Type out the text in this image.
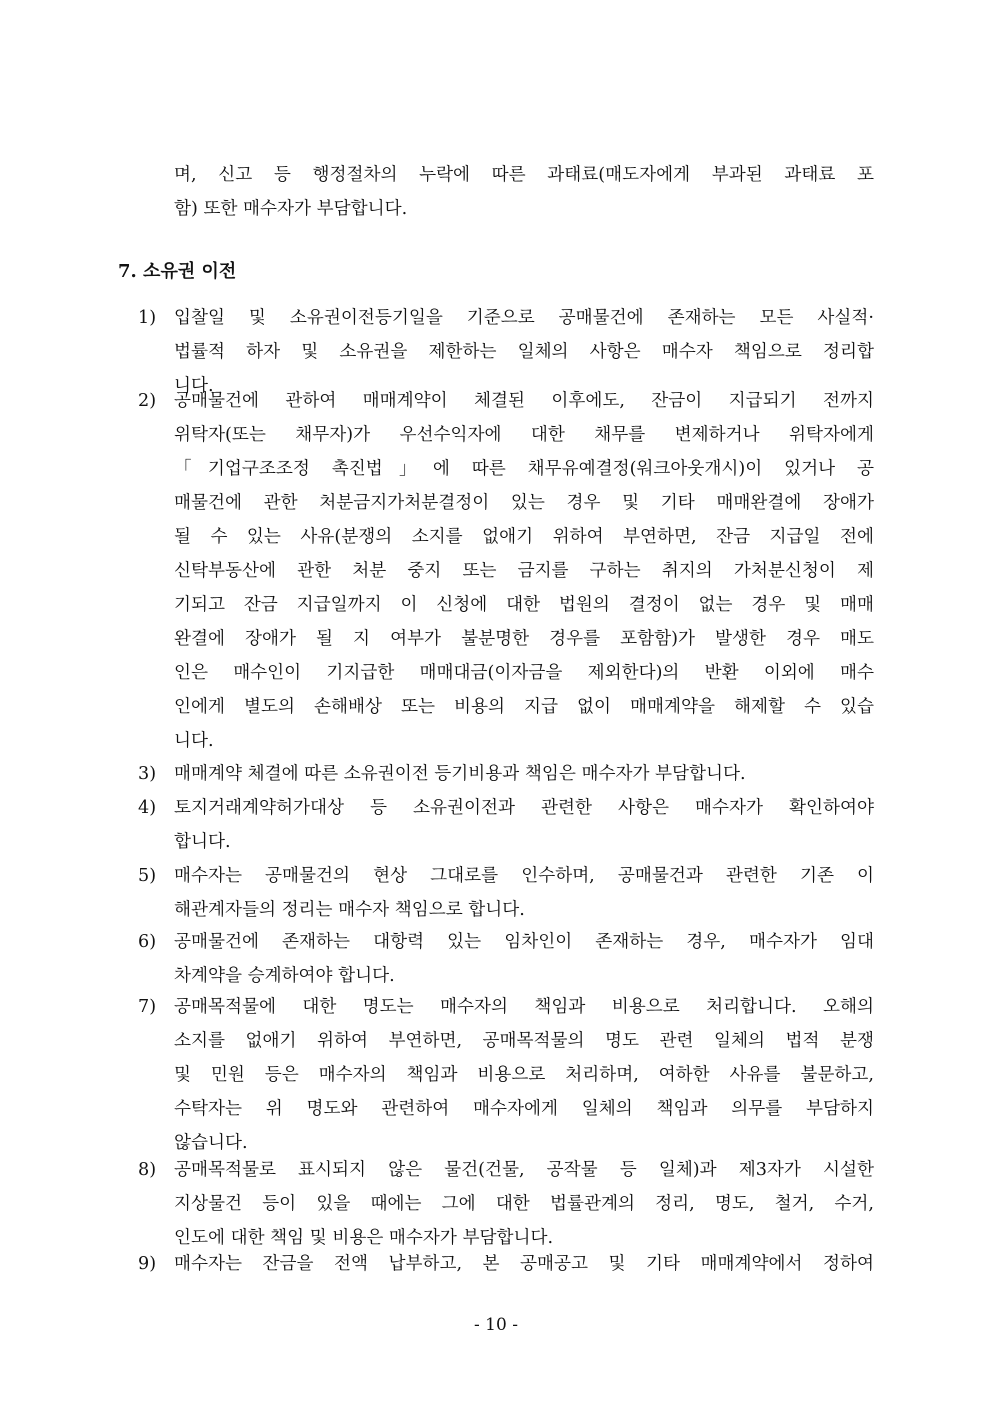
며, 신고 등 행정절차의 누락에 따른 과태료(매도자에게 부과된 과태료 포
함) 또한 매수자가 부담합니다.
7. 소유권 이전
1) 입찰일 및 소유권이전등기일을 기준으로 공매물건에 존재하는 모든 사실적·
법률적 하자 및 소유권을 제한하는 일체의 사항은 매수자 책임으로 정리합
니다.
2) 공매물건에 관하여 매매계약이 체결된 이후에도, 잔금이 지급되기 전까지
위탁자(또는 채무자)가 우선수익자에 대한 채무를 변제하거나 위탁자에게
「기업구조조정 촉진법」에 따른 채무유예결정(워크아웃개시)이 있거나 공
매물건에 관한 처분금지가처분결정이 있는 경우 및 기타 매매완결에 장애가
될 수 있는 사유(분쟁의 소지를 없애기 위하여 부연하면, 잔금 지급일 전에
신탁부동산에 관한 처분 중지 또는 금지를 구하는 취지의 가처분신청이 제
기되고 잔금 지급일까지 이 신청에 대한 법원의 결정이 없는 경우 및 매매
완결에 장애가 될 지 여부가 불분명한 경우를 포함함)가 발생한 경우 매도
인은 매수인이 기지급한 매매대금(이자금을 제외한다)의 반환 이외에 매수
인에게 별도의 손해배상 또는 비용의 지급 없이 매매계약을 해제할 수 있습
니다.
3) 매매계약 체결에 따른 소유권이전 등기비용과 책임은 매수자가 부담합니다.
4) 토지거래계약허가대상 등 소유권이전과 관련한 사항은 매수자가 확인하여야
합니다.
5) 매수자는 공매물건의 현상 그대로를 인수하며, 공매물건과 관련한 기존 이
해관계자들의 정리는 매수자 책임으로 합니다.
6) 공매물건에 존재하는 대항력 있는 임차인이 존재하는 경우, 매수자가 임대
차계약을 승계하여야 합니다.
7) 공매목적물에 대한 명도는 매수자의 책임과 비용으로 처리합니다. 오해의
소지를 없애기 위하여 부연하면, 공매목적물의 명도 관련 일체의 법적 분쟁
및 민원 등은 매수자의 책임과 비용으로 처리하며, 여하한 사유를 불문하고,
수탁자는 위 명도와 관련하여 매수자에게 일체의 책임과 의무를 부담하지
않습니다.
8) 공매목적물로 표시되지 않은 물건(건물, 공작물 등 일체)과 제3자가 시설한
지상물건 등이 있을 때에는 그에 대한 법률관계의 정리, 명도, 철거, 수거,
인도에 대한 책임 및 비용은 매수자가 부담합니다.
9) 매수자는 잔금을 전액 납부하고, 본 공매공고 및 기타 매매계약에서 정하여
- 10 -
